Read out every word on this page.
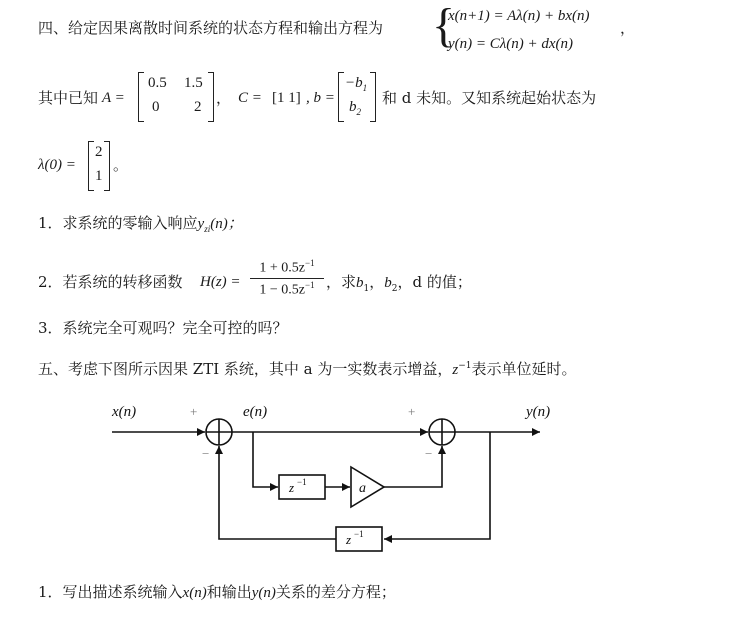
四、给定因果离散时间系统的状态方程和输出方程为 {
x(n+1) = Aλ(n) + bx(n)
y(n) = Cλ(n) + dx(n)
，
其中已知 A =
0.5 1.5
0 2 ， C = [1 1] , b =
$-b_1$
$b_2$
和 d 未知。又知系统起始状态为
λ(0) =
2
1
。
1．求系统的零输入响应$y_{zi}(n)$；
2．若系统的转移函数 $H(z) = \frac{1 + 0.5z^{-1}}{1 - 0.5z^{-1}}$ ，求$b_1$，$b_2$，d 的值；
3．系统完全可观吗？完全可控的吗？
五、考虑下图所示因果 ZTI 系统，其中 a 为一实数表示增益，$z^{-1}$表示单位延时。
x(n)	e(n)	y(n)
+
−
+
−
z −1	a
z −1
1．写出描述系统输入x(n)和输出y(n)关系的差分方程；
